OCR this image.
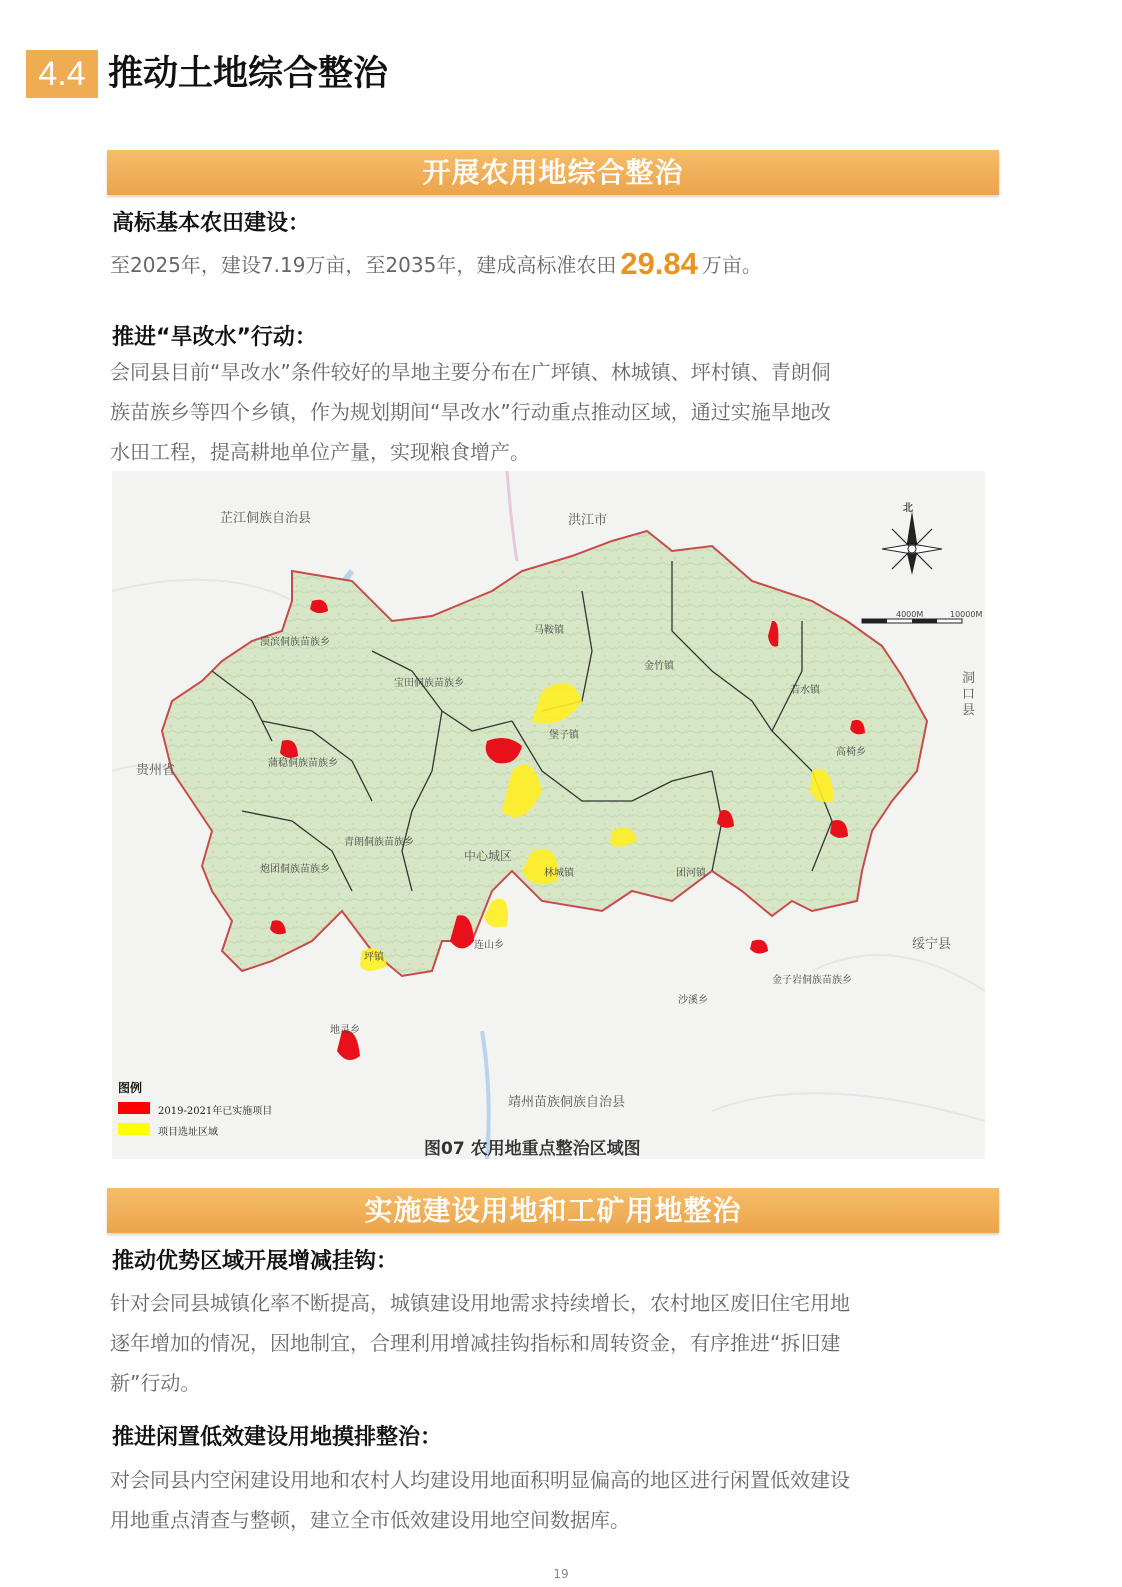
4.4 推动土地综合整治
开展农用地综合整治
高标基本农田建设：
至2025年，建设7.19万亩，至2035年，建成高标准农田 29.84 万亩。
推进“旱改水”行动：
会同县目前“旱改水”条件较好的旱地主要分布在广坪镇、林城镇、坪村镇、青朗侗
族苗族乡等四个乡镇，作为规划期间“旱改水”行动重点推动区域，通过实施旱地改
水田工程，提高耕地单位产量，实现粮食增产。
芷江侗族自治县	洪江市
洞口县
贵州省
绥宁县
靖州苗族侗族自治县
漠滨侗族苗族乡
马鞍镇
宝田侗族苗族乡
金竹镇
若水镇
堡子镇
高椅乡
蒲稳侗族苗族乡
青朗侗族苗族乡
中心城区
林城镇	团河镇
炮团侗族苗族乡
连山乡
坪镇
金子岩侗族苗族乡
沙溪乡
地灵乡
北
4000M	10000M
图例
2019-2021年已实施项目
项目选址区域
图07 农用地重点整治区域图
实施建设用地和工矿用地整治
推动优势区域开展增减挂钩：
针对会同县城镇化率不断提高，城镇建设用地需求持续增长，农村地区废旧住宅用地
逐年增加的情况，因地制宜，合理利用增减挂钩指标和周转资金，有序推进“拆旧建
新”行动。
推进闲置低效建设用地摸排整治：
对会同县内空闲建设用地和农村人均建设用地面积明显偏高的地区进行闲置低效建设
用地重点清查与整顿，建立全市低效建设用地空间数据库。
19
